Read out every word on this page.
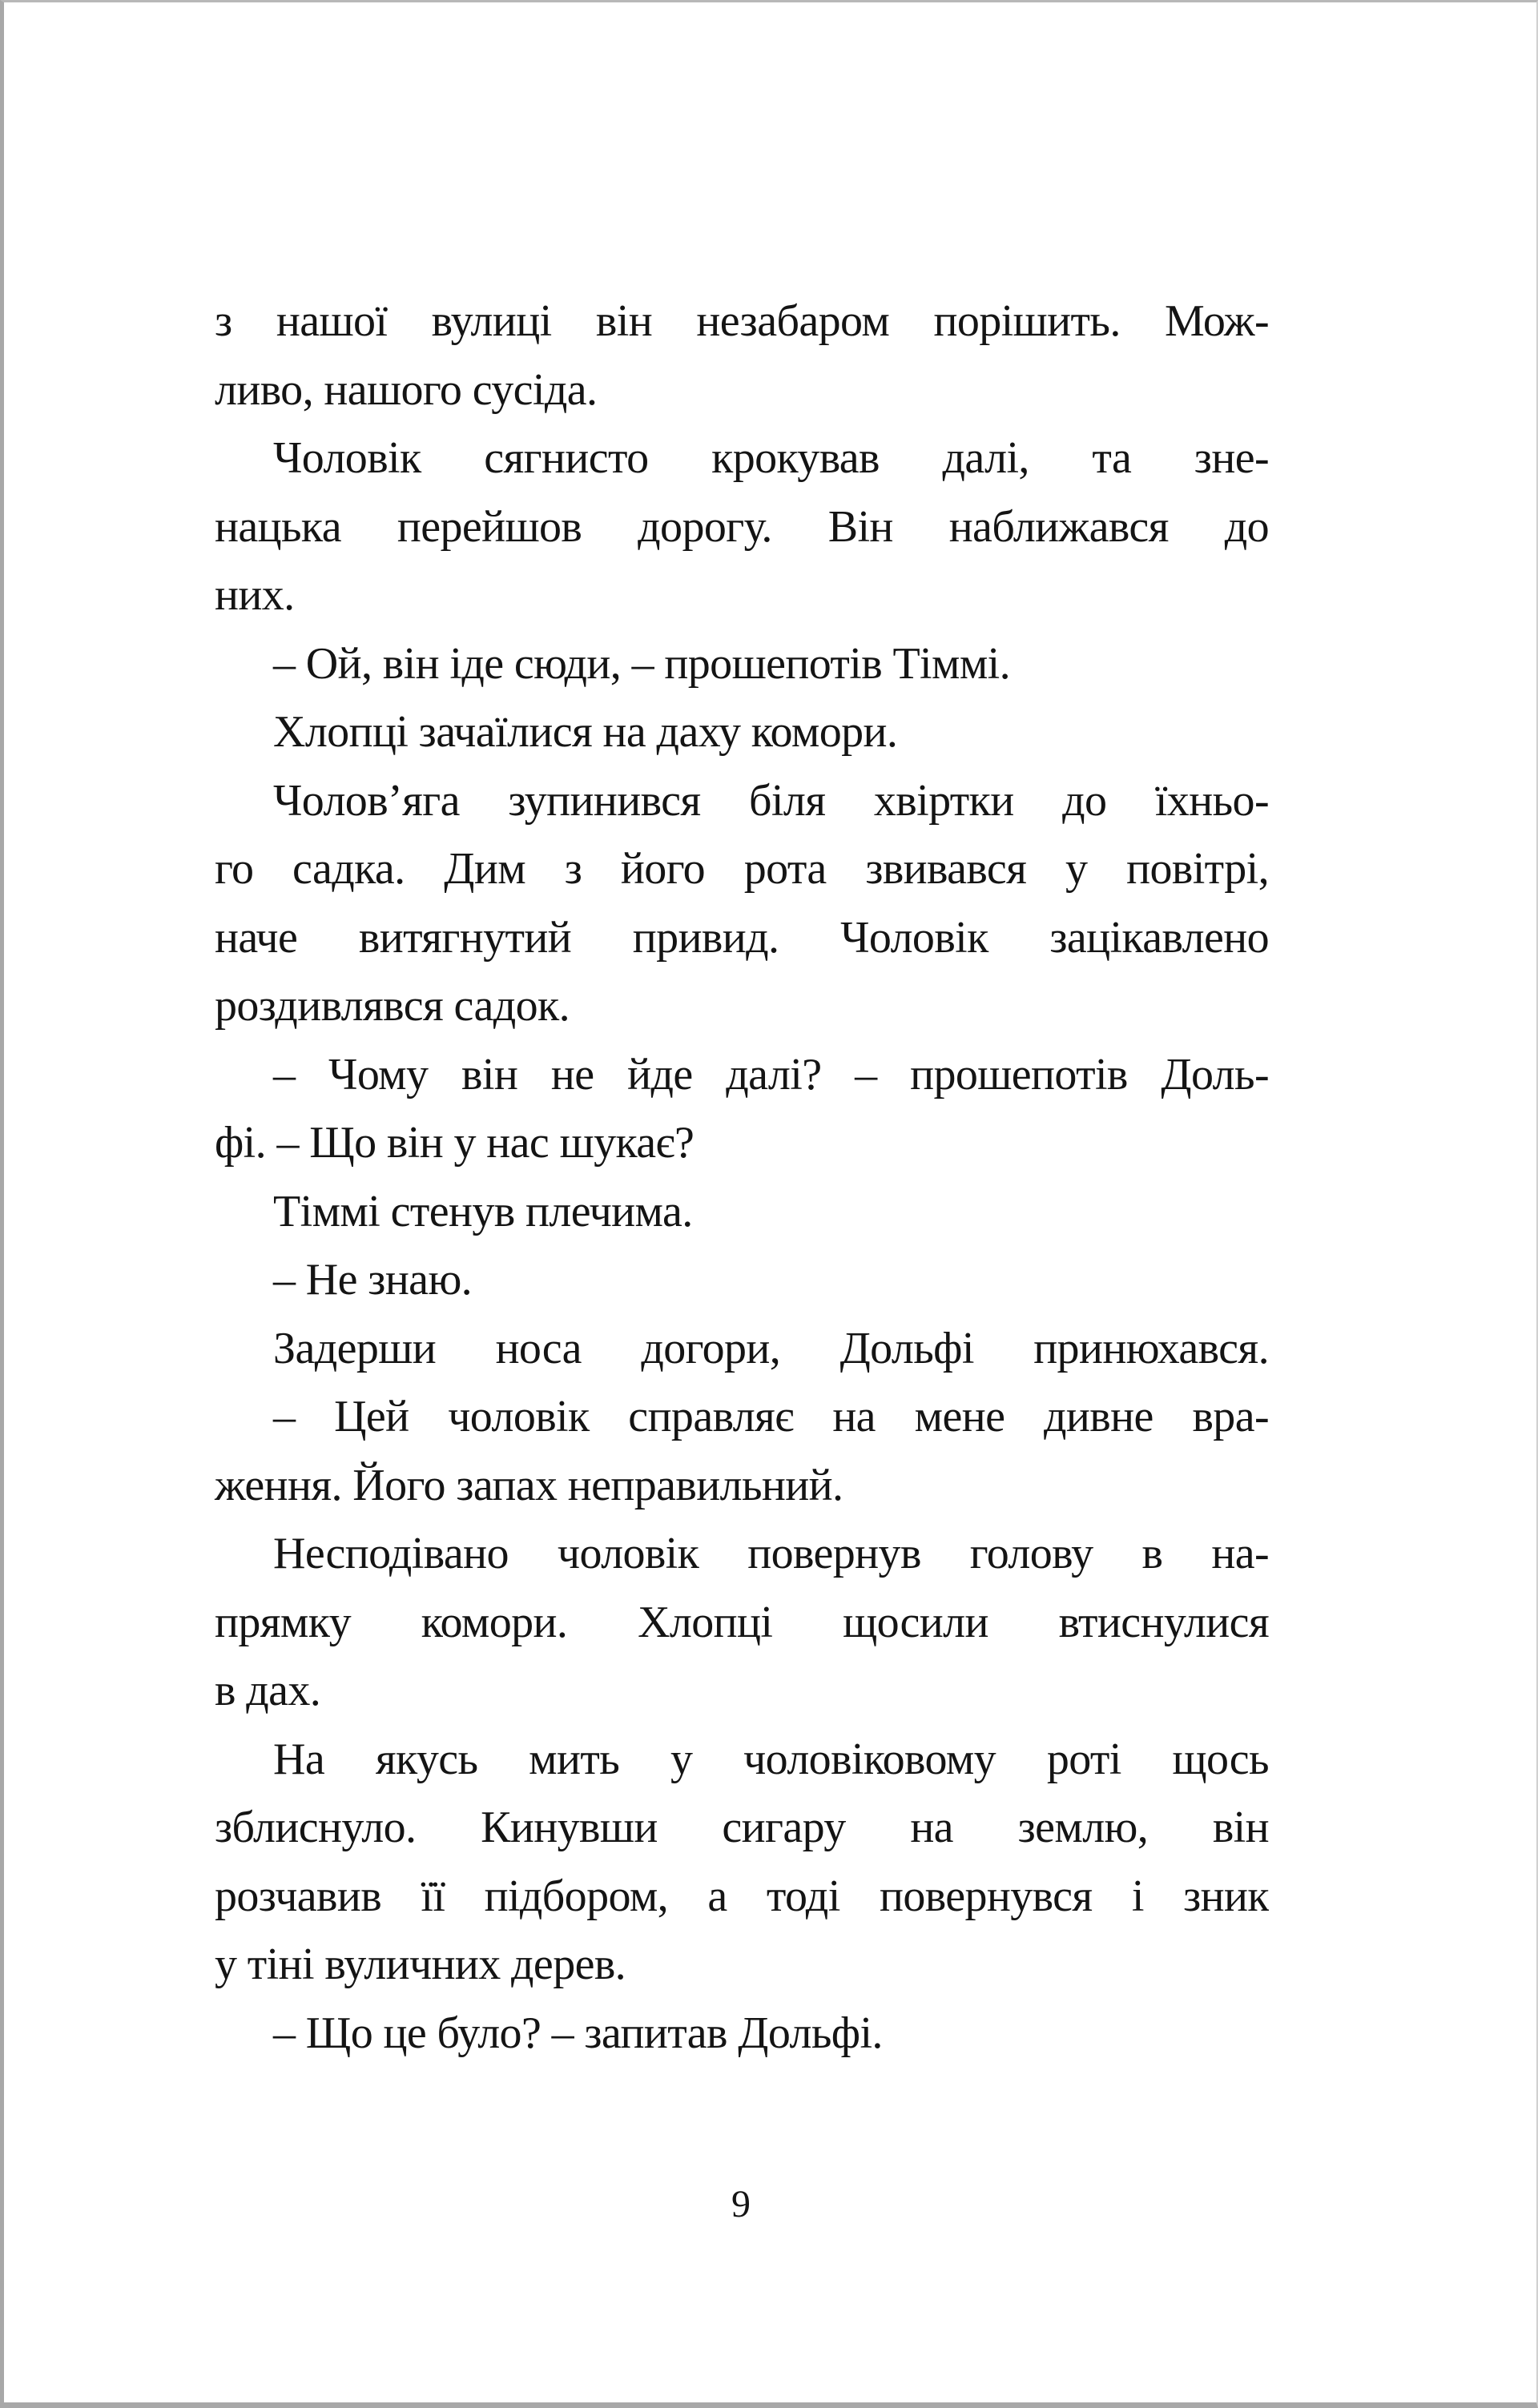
з нашої вулиці він незабаром порішить. Мож-
ливо, нашого сусіда.
Чоловік сягнисто крокував далі, та зне-
нацька перейшов дорогу. Він наближався до
них.
– Ой, він іде сюди, – прошепотів Тіммі.
Хлопці зачаїлися на даху комори.
Чолов’яга зупинився біля хвіртки до їхньо-
го садка. Дим з його рота звивався у повітрі,
наче витягнутий привид. Чоловік зацікавлено
роздивлявся садок.
– Чому він не йде далі? – прошепотів Доль-
фі. – Що він у нас шукає?
Тіммі стенув плечима.
– Не знаю.
Задерши носа догори, Дольфі принюхався.
– Цей чоловік справляє на мене дивне вра-
ження. Його запах неправильний.
Несподівано чоловік повернув голову в на-
прямку комори. Хлопці щосили втиснулися
в дах.
На якусь мить у чоловіковому роті щось
зблиснуло. Кинувши сигару на землю, він
розчавив її підбором, а тоді повернувся і зник
у тіні вуличних дерев.
– Що це було? – запитав Дольфі.
9
